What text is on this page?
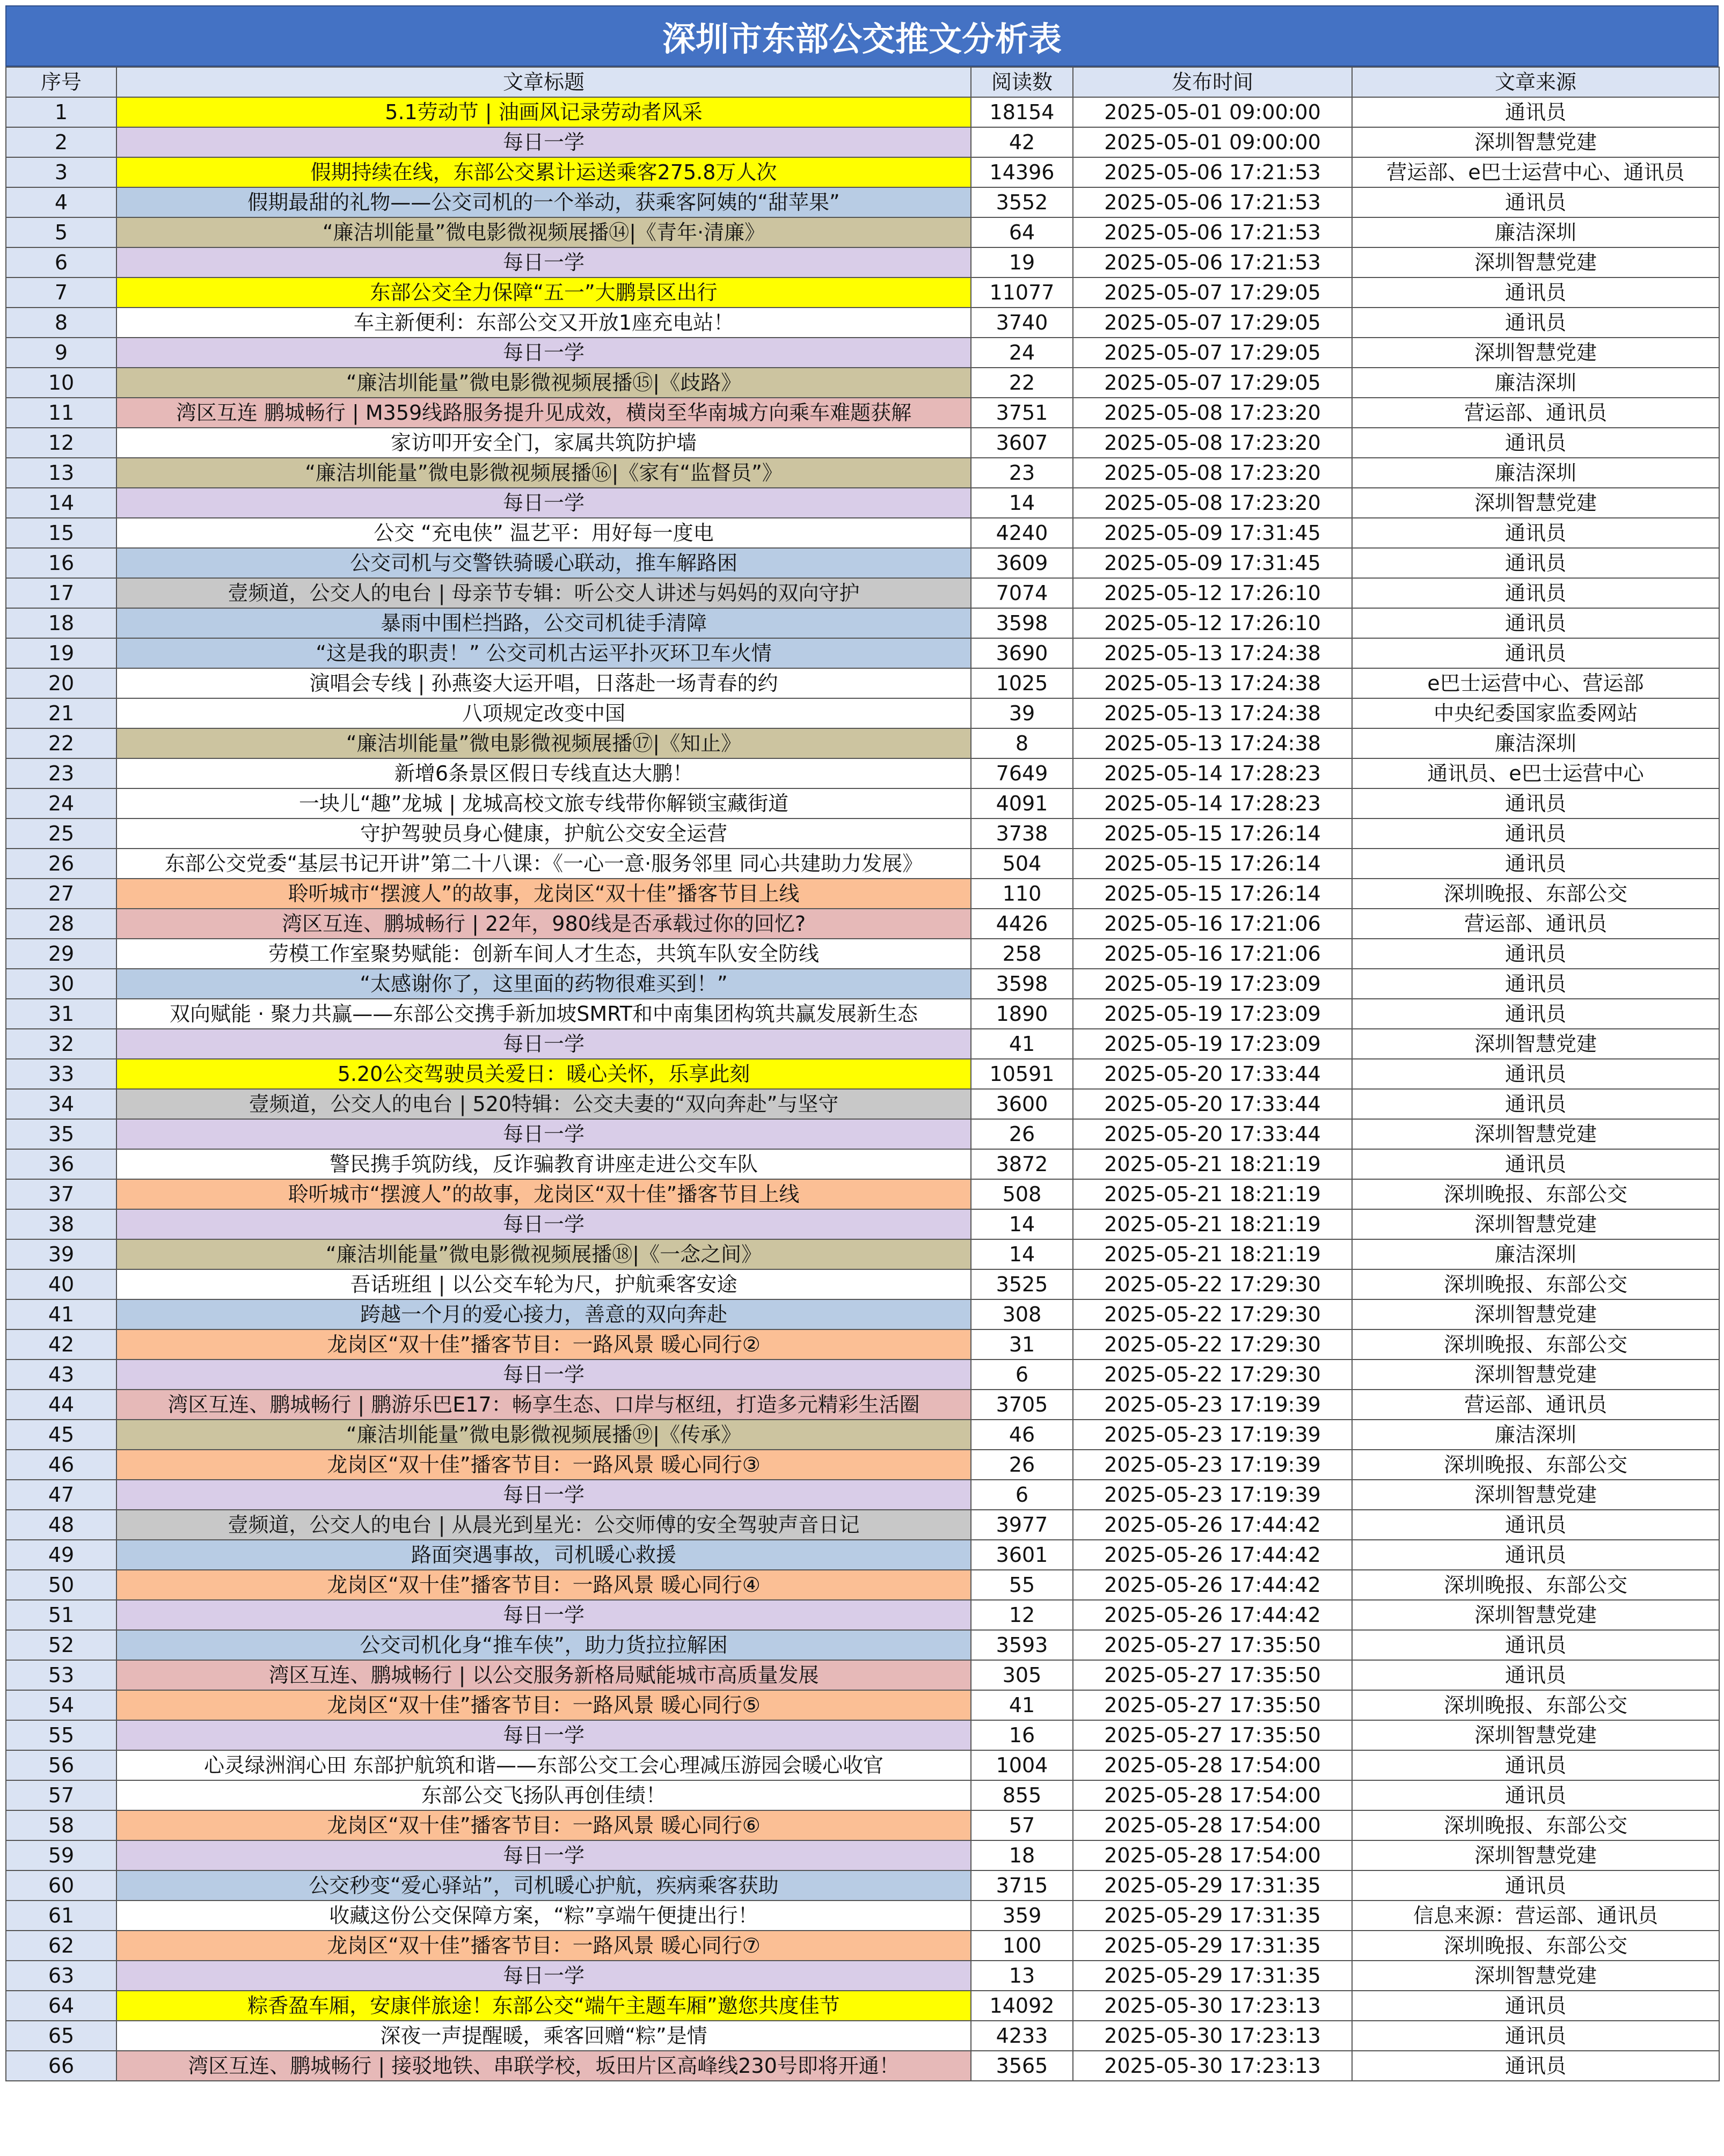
深圳市东部公交推文分析表
序号	文章标题	阅读数	发布时间	文章来源
1	5.1劳动节 | 油画风记录劳动者风采	18154	2025-05-01 09:00:00	通讯员
2	每日一学	42	2025-05-01 09:00:00	深圳智慧党建
3	假期持续在线，东部公交累计运送乘客275.8万人次	14396	2025-05-06 17:21:53	营运部、e巴士运营中心、通讯员
4	假期最甜的礼物——公交司机的一个举动，获乘客阿姨的“甜苹果”	3552	2025-05-06 17:21:53	通讯员
5	“廉洁圳能量”微电影微视频展播⑭|《青年·清廉》	64	2025-05-06 17:21:53	廉洁深圳
6	每日一学	19	2025-05-06 17:21:53	深圳智慧党建
7	东部公交全力保障“五一”大鹏景区出行	11077	2025-05-07 17:29:05	通讯员
8	车主新便利：东部公交又开放1座充电站！	3740	2025-05-07 17:29:05	通讯员
9	每日一学	24	2025-05-07 17:29:05	深圳智慧党建
10	“廉洁圳能量”微电影微视频展播⑮|《歧路》	22	2025-05-07 17:29:05	廉洁深圳
11	湾区互连 鹏城畅行 | M359线路服务提升见成效，横岗至华南城方向乘车难题获解	3751	2025-05-08 17:23:20	营运部、通讯员
12	家访叩开安全门，家属共筑防护墙	3607	2025-05-08 17:23:20	通讯员
13	“廉洁圳能量”微电影微视频展播⑯|《家有“监督员”》	23	2025-05-08 17:23:20	廉洁深圳
14	每日一学	14	2025-05-08 17:23:20	深圳智慧党建
15	公交 “充电侠” 温艺平：用好每一度电	4240	2025-05-09 17:31:45	通讯员
16	公交司机与交警铁骑暖心联动，推车解路困	3609	2025-05-09 17:31:45	通讯员
17	壹频道，公交人的电台 | 母亲节专辑：听公交人讲述与妈妈的双向守护	7074	2025-05-12 17:26:10	通讯员
18	暴雨中围栏挡路，公交司机徒手清障	3598	2025-05-12 17:26:10	通讯员
19	“这是我的职责！” 公交司机古运平扑灭环卫车火情	3690	2025-05-13 17:24:38	通讯员
20	演唱会专线 | 孙燕姿大运开唱，日落赴一场青春的约	1025	2025-05-13 17:24:38	e巴士运营中心、营运部
21	八项规定改变中国	39	2025-05-13 17:24:38	中央纪委国家监委网站
22	“廉洁圳能量”微电影微视频展播⑰|《知止》	8	2025-05-13 17:24:38	廉洁深圳
23	新增6条景区假日专线直达大鹏！	7649	2025-05-14 17:28:23	通讯员、e巴士运营中心
24	一块儿“趣”龙城 | 龙城高校文旅专线带你解锁宝藏街道	4091	2025-05-14 17:28:23	通讯员
25	守护驾驶员身心健康，护航公交安全运营	3738	2025-05-15 17:26:14	通讯员
26	东部公交党委“基层书记开讲”第二十八课：《一心一意·服务邻里 同心共建助力发展》	504	2025-05-15 17:26:14	通讯员
27	聆听城市“摆渡人”的故事，龙岗区“双十佳”播客节目上线	110	2025-05-15 17:26:14	深圳晚报、东部公交
28	湾区互连、鹏城畅行 | 22年，980线是否承载过你的回忆?	4426	2025-05-16 17:21:06	营运部、通讯员
29	劳模工作室聚势赋能：创新车间人才生态，共筑车队安全防线	258	2025-05-16 17:21:06	通讯员
30	“太感谢你了，这里面的药物很难买到！”	3598	2025-05-19 17:23:09	通讯员
31	双向赋能 · 聚力共赢——东部公交携手新加坡SMRT和中南集团构筑共赢发展新生态	1890	2025-05-19 17:23:09	通讯员
32	每日一学	41	2025-05-19 17:23:09	深圳智慧党建
33	5.20公交驾驶员关爱日：暖心关怀，乐享此刻	10591	2025-05-20 17:33:44	通讯员
34	壹频道，公交人的电台 | 520特辑：公交夫妻的“双向奔赴”与坚守	3600	2025-05-20 17:33:44	通讯员
35	每日一学	26	2025-05-20 17:33:44	深圳智慧党建
36	警民携手筑防线，反诈骗教育讲座走进公交车队	3872	2025-05-21 18:21:19	通讯员
37	聆听城市“摆渡人”的故事，龙岗区“双十佳”播客节目上线	508	2025-05-21 18:21:19	深圳晚报、东部公交
38	每日一学	14	2025-05-21 18:21:19	深圳智慧党建
39	“廉洁圳能量”微电影微视频展播⑱|《一念之间》	14	2025-05-21 18:21:19	廉洁深圳
40	吾话班组 | 以公交车轮为尺，护航乘客安途	3525	2025-05-22 17:29:30	深圳晚报、东部公交
41	跨越一个月的爱心接力，善意的双向奔赴	308	2025-05-22 17:29:30	深圳智慧党建
42	龙岗区“双十佳”播客节目：一路风景 暖心同行②	31	2025-05-22 17:29:30	深圳晚报、东部公交
43	每日一学	6	2025-05-22 17:29:30	深圳智慧党建
44	湾区互连、鹏城畅行 | 鹏游乐巴E17：畅享生态、口岸与枢纽，打造多元精彩生活圈	3705	2025-05-23 17:19:39	营运部、通讯员
45	“廉洁圳能量”微电影微视频展播⑲|《传承》	46	2025-05-23 17:19:39	廉洁深圳
46	龙岗区“双十佳”播客节目：一路风景 暖心同行③	26	2025-05-23 17:19:39	深圳晚报、东部公交
47	每日一学	6	2025-05-23 17:19:39	深圳智慧党建
48	壹频道，公交人的电台 | 从晨光到星光：公交师傅的安全驾驶声音日记	3977	2025-05-26 17:44:42	通讯员
49	路面突遇事故，司机暖心救援	3601	2025-05-26 17:44:42	通讯员
50	龙岗区“双十佳”播客节目：一路风景 暖心同行④	55	2025-05-26 17:44:42	深圳晚报、东部公交
51	每日一学	12	2025-05-26 17:44:42	深圳智慧党建
52	公交司机化身“推车侠”，助力货拉拉解困	3593	2025-05-27 17:35:50	通讯员
53	湾区互连、鹏城畅行 | 以公交服务新格局赋能城市高质量发展	305	2025-05-27 17:35:50	通讯员
54	龙岗区“双十佳”播客节目：一路风景 暖心同行⑤	41	2025-05-27 17:35:50	深圳晚报、东部公交
55	每日一学	16	2025-05-27 17:35:50	深圳智慧党建
56	心灵绿洲润心田 东部护航筑和谐——东部公交工会心理减压游园会暖心收官	1004	2025-05-28 17:54:00	通讯员
57	东部公交飞扬队再创佳绩！	855	2025-05-28 17:54:00	通讯员
58	龙岗区“双十佳”播客节目：一路风景 暖心同行⑥	57	2025-05-28 17:54:00	深圳晚报、东部公交
59	每日一学	18	2025-05-28 17:54:00	深圳智慧党建
60	公交秒变“爱心驿站”，司机暖心护航，疾病乘客获助	3715	2025-05-29 17:31:35	通讯员
61	收藏这份公交保障方案，“粽”享端午便捷出行！	359	2025-05-29 17:31:35	信息来源：营运部、通讯员
62	龙岗区“双十佳”播客节目：一路风景 暖心同行⑦	100	2025-05-29 17:31:35	深圳晚报、东部公交
63	每日一学	13	2025-05-29 17:31:35	深圳智慧党建
64	粽香盈车厢，安康伴旅途！东部公交“端午主题车厢”邀您共度佳节	14092	2025-05-30 17:23:13	通讯员
65	深夜一声提醒暖，乘客回赠“粽”是情	4233	2025-05-30 17:23:13	通讯员
66	湾区互连、鹏城畅行 | 接驳地铁、串联学校，坂田片区高峰线230号即将开通！	3565	2025-05-30 17:23:13	通讯员
